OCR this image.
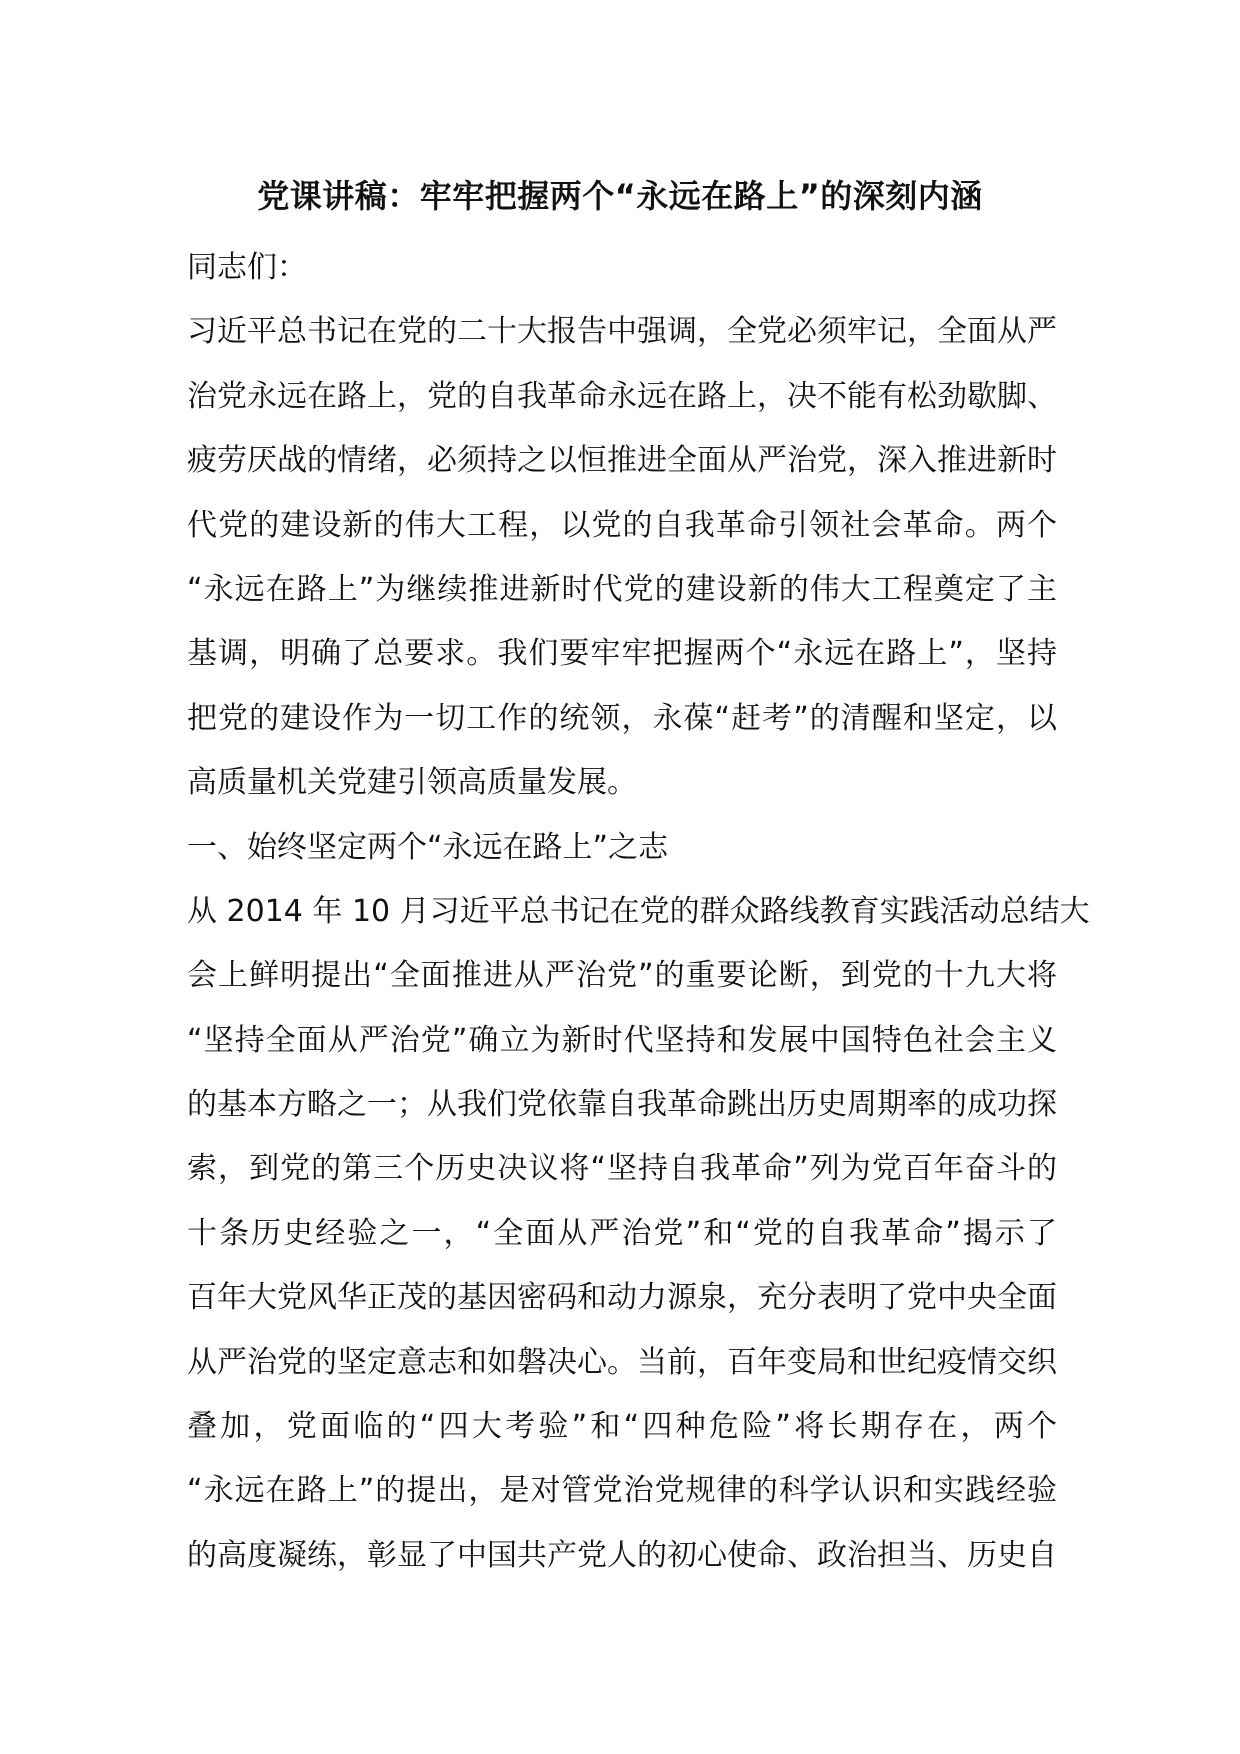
党课讲稿：牢牢把握两个“永远在路上”的深刻内涵
同志们：
习近平总书记在党的二十大报告中强调，全党必须牢记，全面从严
治党永远在路上，党的自我革命永远在路上，决不能有松劲歇脚、
疲劳厌战的情绪，必须持之以恒推进全面从严治党，深入推进新时
代党的建设新的伟大工程，以党的自我革命引领社会革命。两个
“永远在路上”为继续推进新时代党的建设新的伟大工程奠定了主
基调，明确了总要求。我们要牢牢把握两个“永远在路上”，坚持
把党的建设作为一切工作的统领，永葆“赶考”的清醒和坚定，以
高质量机关党建引领高质量发展。
一、始终坚定两个“永远在路上”之志
从 2014 年 10 月习近平总书记在党的群众路线教育实践活动总结大
会上鲜明提出“全面推进从严治党”的重要论断，到党的十九大将
“坚持全面从严治党”确立为新时代坚持和发展中国特色社会主义
的基本方略之一；从我们党依靠自我革命跳出历史周期率的成功探
索，到党的第三个历史决议将“坚持自我革命”列为党百年奋斗的
十条历史经验之一，“全面从严治党”和“党的自我革命”揭示了
百年大党风华正茂的基因密码和动力源泉，充分表明了党中央全面
从严治党的坚定意志和如磐决心。当前，百年变局和世纪疫情交织
叠加，党面临的“四大考验”和“四种危险”将长期存在，两个
“永远在路上”的提出，是对管党治党规律的科学认识和实践经验
的高度凝练，彰显了中国共产党人的初心使命、政治担当、历史自
